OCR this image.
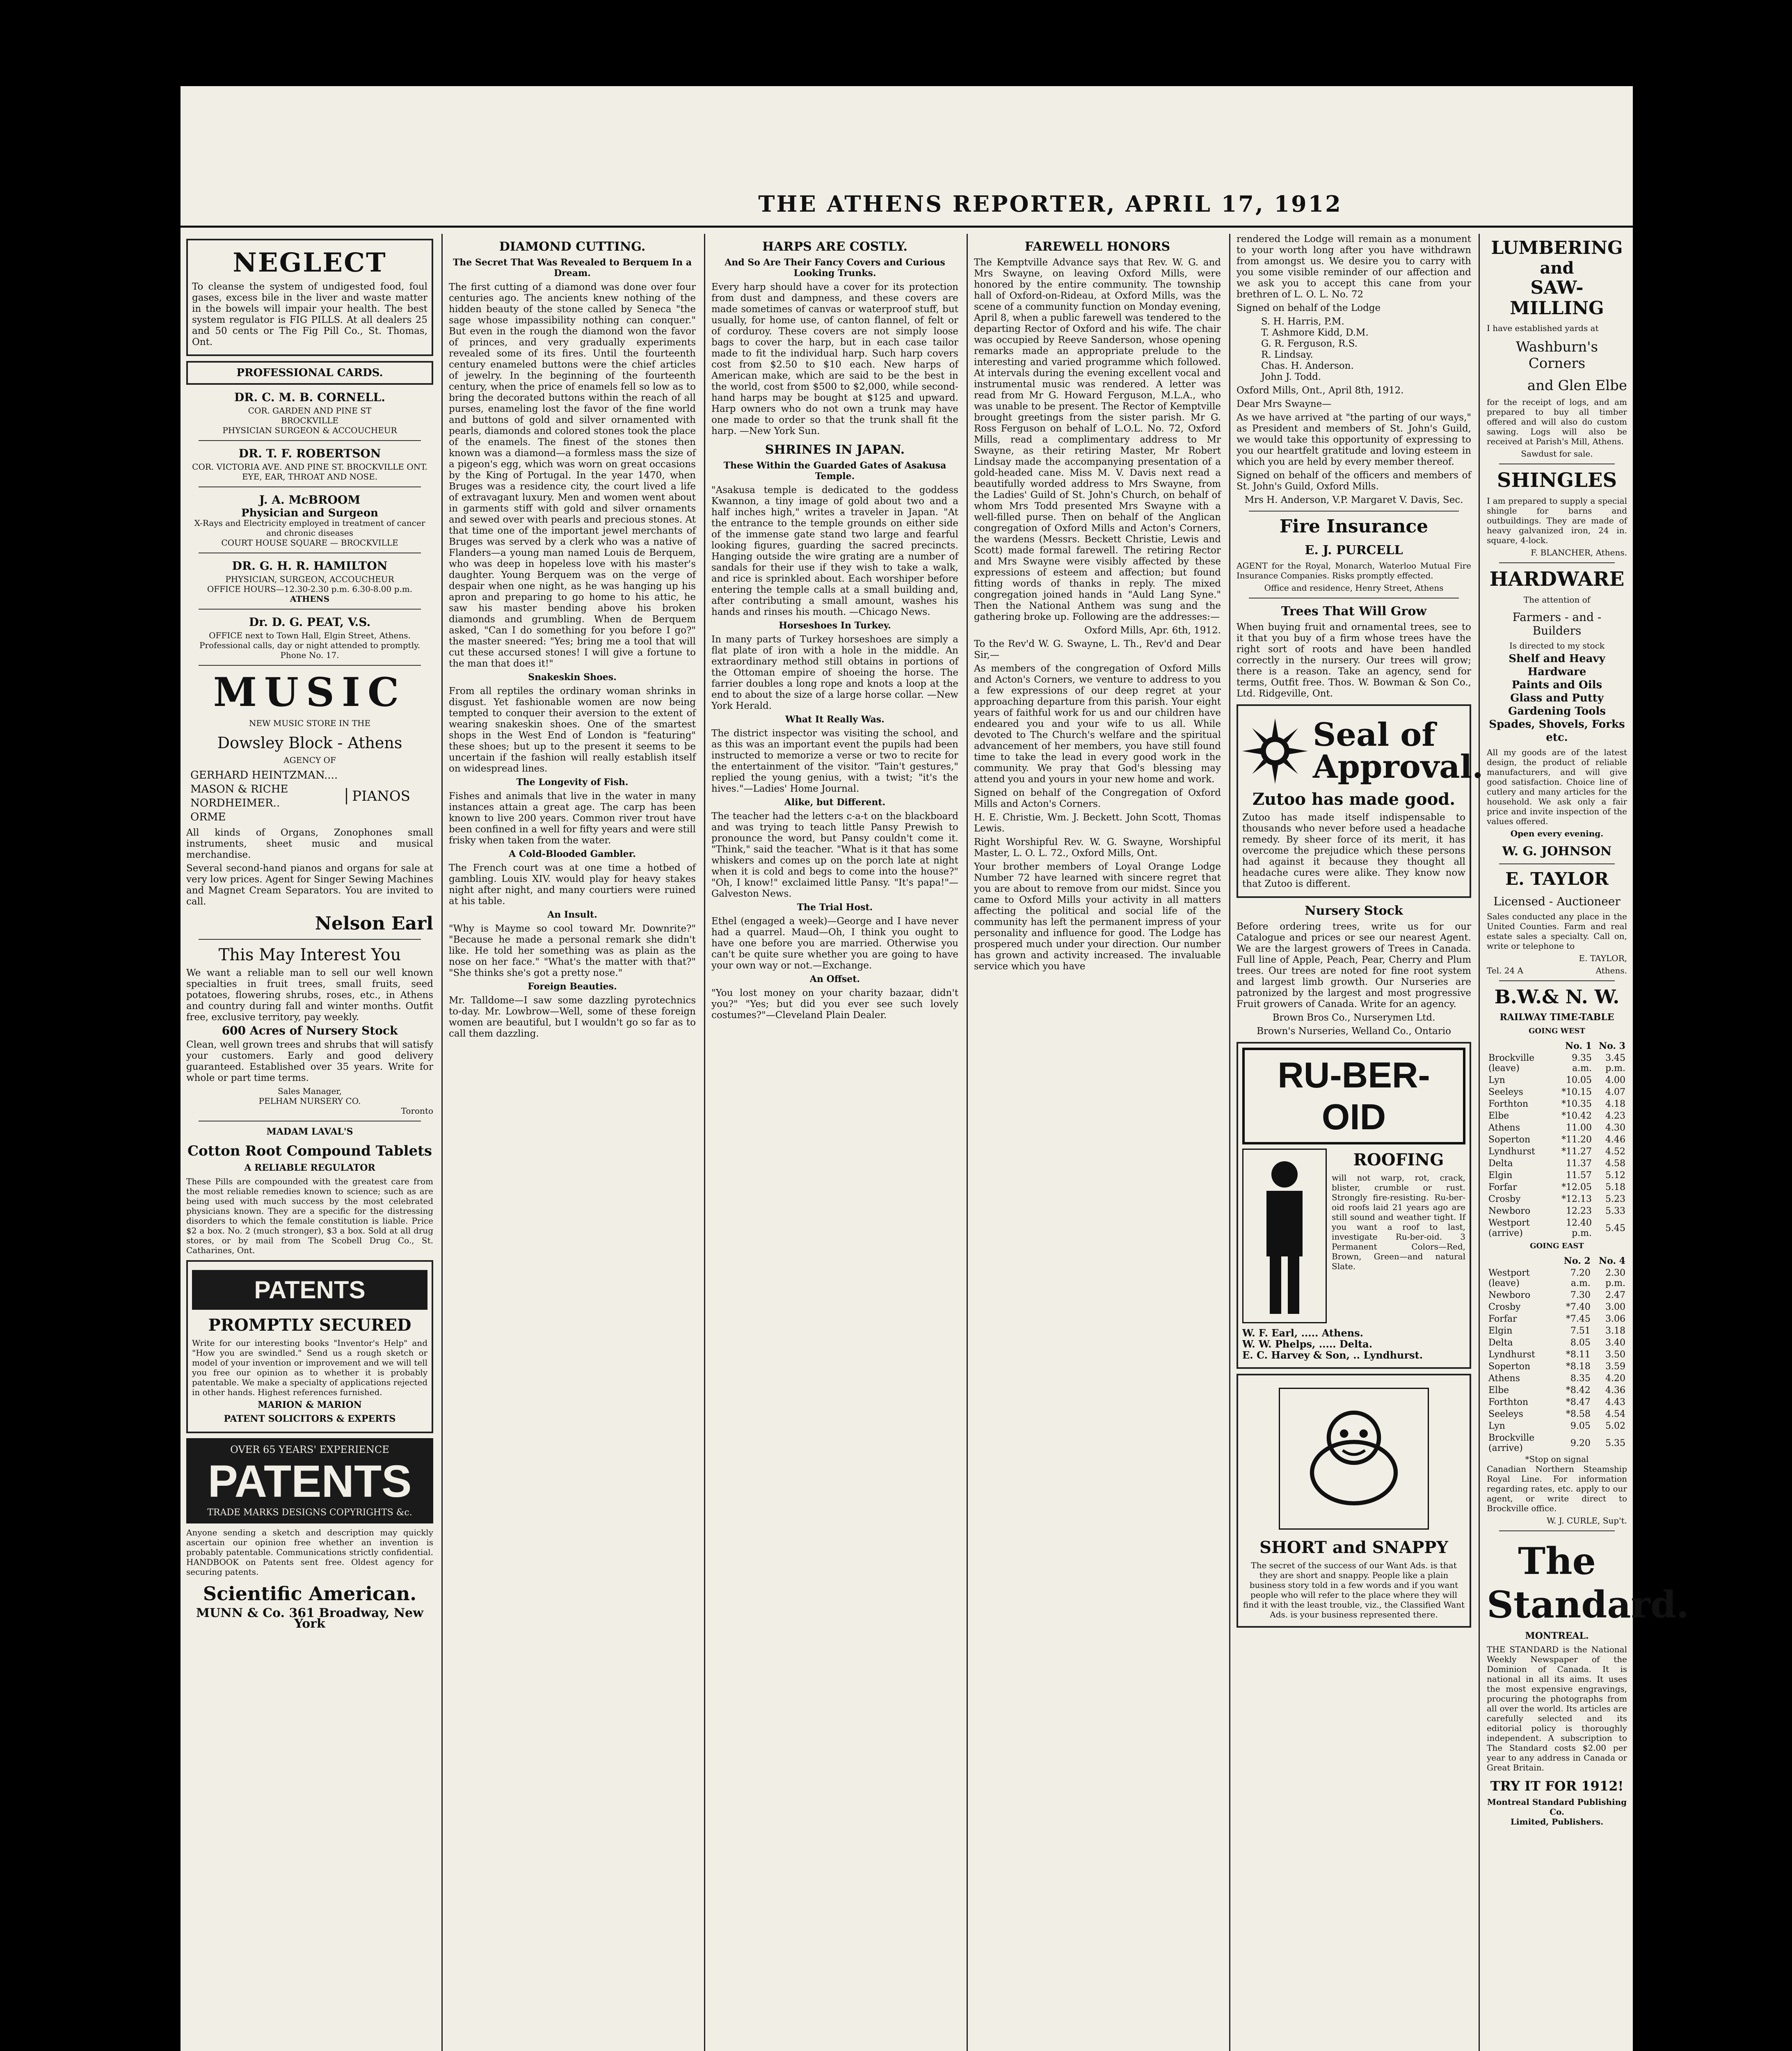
THE ATHENS REPORTER, APRIL 17, 1912
NEGLECT

To cleanse the system of undigested food, foul gases, excess bile in the liver and waste matter in the bowels will impair your health. The best system regulator is FIG PILLS. At all dealers 25 and 50 cents or The Fig Pill Co., St. Thomas, Ont.

PROFESSIONAL CARDS.
DR. C. M. B. CORNELL.
COR. GARDEN AND PINE ST
BROCKVILLE
PHYSICIAN SURGEON & ACCOUCHEUR
DR. T. F. ROBERTSON
COR. VICTORIA AVE. AND PINE ST. BROCKVILLE ONT.
EYE, EAR, THROAT AND NOSE.
J. A. McBROOM
Physician and Surgeon
X-Rays and Electricity employed in treatment of cancer and chronic diseases
COURT HOUSE SQUARE — BROCKVILLE
DR. G. H. R. HAMILTON
PHYSICIAN, SURGEON, ACCOUCHEUR
OFFICE HOURS—12.30-2.30 p.m. 6.30-8.00 p.m.
ATHENS
Dr. D. G. PEAT, V.S.
OFFICE next to Town Hall, Elgin Street, Athens.
Professional calls, day or night attended to promptly. Phone No. 17.
MUSIC
NEW MUSIC STORE IN THE
Dowsley Block - Athens
AGENCY OF
GERHARD HEINTZMAN....
MASON & RICHE
NORDHEIMER..
ORME
PIANOS

All kinds of Organs, Zonophones small instruments, sheet music and musical merchandise.

Several second-hand pianos and organs for sale at very low prices. Agent for Singer Sewing Machines and Magnet Cream Separators. You are invited to call.

Nelson Earl
This May Interest You

We want a reliable man to sell our well known specialties in fruit trees, small fruits, seed potatoes, flowering shrubs, roses, etc., in Athens and country during fall and winter months. Outfit free, exclusive territory, pay weekly.

600 Acres of Nursery Stock

Clean, well grown trees and shrubs that will satisfy your customers. Early and good delivery guaranteed. Established over 35 years. Write for whole or part time terms.

Sales Manager,
PELHAM NURSERY CO.
Toronto
MADAM LAVAL'S
Cotton Root Compound Tablets
A RELIABLE REGULATOR

These Pills are compounded with the greatest care from the most reliable remedies known to science; such as are being used with much success by the most celebrated physicians known. They are a specific for the distressing disorders to which the female constitution is liable. Price $2 a box. No. 2 (much stronger), $3 a box. Sold at all drug stores, or by mail from The Scobell Drug Co., St. Catharines, Ont.

PATENTS
PROMPTLY SECURED

Write for our interesting books "Inventor's Help" and "How you are swindled." Send us a rough sketch or model of your invention or improvement and we will tell you free our opinion as to whether it is probably patentable. We make a specialty of applications rejected in other hands. Highest references furnished.

MARION & MARION
PATENT SOLICITORS & EXPERTS
OVER 65 YEARS' EXPERIENCE
PATENTS
TRADE MARKS DESIGNS COPYRIGHTS &c.

Anyone sending a sketch and description may quickly ascertain our opinion free whether an invention is probably patentable. Communications strictly confidential. HANDBOOK on Patents sent free. Oldest agency for securing patents.

Scientific American.
MUNN & Co. 361 Broadway, New York
DIAMOND CUTTING.
The Secret That Was Revealed to Berquem In a Dream.

The first cutting of a diamond was done over four centuries ago. The ancients knew nothing of the hidden beauty of the stone called by Seneca "the sage whose impassibility nothing can conquer." But even in the rough the diamond won the favor of princes, and very gradually experiments revealed some of its fires. Until the fourteenth century enameled buttons were the chief articles of jewelry. In the beginning of the fourteenth century, when the price of enamels fell so low as to bring the decorated buttons within the reach of all purses, enameling lost the favor of the fine world and buttons of gold and silver ornamented with pearls, diamonds and colored stones took the place of the enamels. The finest of the stones then known was a diamond—a formless mass the size of a pigeon's egg, which was worn on great occasions by the King of Portugal. In the year 1470, when Bruges was a residence city, the court lived a life of extravagant luxury. Men and women went about in garments stiff with gold and silver ornaments and sewed over with pearls and precious stones. At that time one of the important jewel merchants of Bruges was served by a clerk who was a native of Flanders—a young man named Louis de Berquem, who was deep in hopeless love with his master's daughter. Young Berquem was on the verge of despair when one night, as he was hanging up his apron and preparing to go home to his attic, he saw his master bending above his broken diamonds and grumbling. When de Berquem asked, "Can I do something for you before I go?" the master sneered: "Yes; bring me a tool that will cut these accursed stones! I will give a fortune to the man that does it!"

Snakeskin Shoes.

From all reptiles the ordinary woman shrinks in disgust. Yet fashionable women are now being tempted to conquer their aversion to the extent of wearing snakeskin shoes. One of the smartest shops in the West End of London is "featuring" these shoes; but up to the present it seems to be uncertain if the fashion will really establish itself on widespread lines.

The Longevity of Fish.

Fishes and animals that live in the water in many instances attain a great age. The carp has been known to live 200 years. Common river trout have been confined in a well for fifty years and were still frisky when taken from the water.

A Cold-Blooded Gambler.

The French court was at one time a hotbed of gambling. Louis XIV. would play for heavy stakes night after night, and many courtiers were ruined at his table.

An Insult.

"Why is Mayme so cool toward Mr. Downrite?" "Because he made a personal remark she didn't like. He told her something was as plain as the nose on her face." "What's the matter with that?" "She thinks she's got a pretty nose."

Foreign Beauties.

Mr. Talldome—I saw some dazzling pyrotechnics to-day. Mr. Lowbrow—Well, some of these foreign women are beautiful, but I wouldn't go so far as to call them dazzling.

HARPS ARE COSTLY.
And So Are Their Fancy Covers and Curious Looking Trunks.

Every harp should have a cover for its protection from dust and dampness, and these covers are made sometimes of canvas or waterproof stuff, but usually, for home use, of canton flannel, of felt or of corduroy. These covers are not simply loose bags to cover the harp, but in each case tailor made to fit the individual harp. Such harp covers cost from $2.50 to $10 each. New harps of American make, which are said to be the best in the world, cost from $500 to $2,000, while second-hand harps may be bought at $125 and upward. Harp owners who do not own a trunk may have one made to order so that the trunk shall fit the harp. —New York Sun.

SHRINES IN JAPAN.
These Within the Guarded Gates of Asakusa Temple.

"Asakusa temple is dedicated to the goddess Kwannon, a tiny image of gold about two and a half inches high," writes a traveler in Japan. "At the entrance to the temple grounds on either side of the immense gate stand two large and fearful looking figures, guarding the sacred precincts. Hanging outside the wire grating are a number of sandals for their use if they wish to take a walk, and rice is sprinkled about. Each worshiper before entering the temple calls at a small building and, after contributing a small amount, washes his hands and rinses his mouth. —Chicago News.

Horseshoes In Turkey.

In many parts of Turkey horseshoes are simply a flat plate of iron with a hole in the middle. An extraordinary method still obtains in portions of the Ottoman empire of shoeing the horse. The farrier doubles a long rope and knots a loop at the end to about the size of a large horse collar. —New York Herald.

What It Really Was.

The district inspector was visiting the school, and as this was an important event the pupils had been instructed to memorize a verse or two to recite for the entertainment of the visitor. "Tain't gestures," replied the young genius, with a twist; "it's the hives."—Ladies' Home Journal.

Alike, but Different.

The teacher had the letters c-a-t on the blackboard and was trying to teach little Pansy Prewish to pronounce the word, but Pansy couldn't come it. "Think," said the teacher. "What is it that has some whiskers and comes up on the porch late at night when it is cold and begs to come into the house?" "Oh, I know!" exclaimed little Pansy. "It's papa!"—Galveston News.

The Trial Host.

Ethel (engaged a week)—George and I have never had a quarrel. Maud—Oh, I think you ought to have one before you are married. Otherwise you can't be quite sure whether you are going to have your own way or not.—Exchange.

An Offset.

"You lost money on your charity bazaar, didn't you?" "Yes; but did you ever see such lovely costumes?"—Cleveland Plain Dealer.

FAREWELL HONORS

The Kemptville Advance says that Rev. W. G. and Mrs Swayne, on leaving Oxford Mills, were honored by the entire community. The township hall of Oxford-on-Rideau, at Oxford Mills, was the scene of a community function on Monday evening, April 8, when a public farewell was tendered to the departing Rector of Oxford and his wife. The chair was occupied by Reeve Sanderson, whose opening remarks made an appropriate prelude to the interesting and varied programme which followed. At intervals during the evening excellent vocal and instrumental music was rendered. A letter was read from Mr G. Howard Ferguson, M.L.A., who was unable to be present. The Rector of Kemptville brought greetings from the sister parish. Mr G. Ross Ferguson on behalf of L.O.L. No. 72, Oxford Mills, read a complimentary address to Mr Swayne, as their retiring Master, Mr Robert Lindsay made the accompanying presentation of a gold-headed cane. Miss M. V. Davis next read a beautifully worded address to Mrs Swayne, from the Ladies' Guild of St. John's Church, on behalf of whom Mrs Todd presented Mrs Swayne with a well-filled purse. Then on behalf of the Anglican congregation of Oxford Mills and Acton's Corners, the wardens (Messrs. Beckett Christie, Lewis and Scott) made formal farewell. The retiring Rector and Mrs Swayne were visibly affected by these expressions of esteem and affection; but found fitting words of thanks in reply. The mixed congregation joined hands in "Auld Lang Syne." Then the National Anthem was sung and the gathering broke up. Following are the addresses:—

Oxford Mills, Apr. 6th, 1912.

To the Rev'd W. G. Swayne, L. Th., Rev'd and Dear Sir,—

As members of the congregation of Oxford Mills and Acton's Corners, we venture to address to you a few expressions of our deep regret at your approaching departure from this parish. Your eight years of faithful work for us and our children have endeared you and your wife to us all. While devoted to The Church's welfare and the spiritual advancement of her members, you have still found time to take the lead in every good work in the community. We pray that God's blessing may attend you and yours in your new home and work.

Signed on behalf of the Congregation of Oxford Mills and Acton's Corners.

H. E. Christie, Wm. J. Beckett. John Scott, Thomas Lewis.

Right Worshipful Rev. W. G. Swayne, Worshipful Master, L. O. L. 72., Oxford Mills, Ont.

Your brother members of Loyal Orange Lodge Number 72 have learned with sincere regret that you are about to remove from our midst. Since you came to Oxford Mills your activity in all matters affecting the political and social life of the community has left the permanent impress of your personality and influence for good. The Lodge has prospered much under your direction. Our number has grown and activity increased. The invaluable service which you have

rendered the Lodge will remain as a monument to your worth long after you have withdrawn from amongst us. We desire you to carry with you some visible reminder of our affection and we ask you to accept this cane from your brethren of L. O. L. No. 72

Signed on behalf of the Lodge

S. H. Harris, P.M.
T. Ashmore Kidd, D.M.
G. R. Ferguson, R.S.
R. Lindsay.
Chas. H. Anderson.
John J. Todd.

Oxford Mills, Ont., April 8th, 1912.

Dear Mrs Swayne—

As we have arrived at "the parting of our ways," as President and members of St. John's Guild, we would take this opportunity of expressing to you our heartfelt gratitude and loving esteem in which you are held by every member thereof.

Signed on behalf of the officers and members of St. John's Guild, Oxford Mills.

Mrs H. Anderson, V.P. Margaret V. Davis, Sec.

Fire Insurance
E. J. PURCELL

AGENT for the Royal, Monarch, Waterloo Mutual Fire Insurance Companies. Risks promptly effected.

Office and residence, Henry Street, Athens

Trees That Will Grow

When buying fruit and ornamental trees, see to it that you buy of a firm whose trees have the right sort of roots and have been handled correctly in the nursery. Our trees will grow; there is a reason. Take an agency, send for terms, Outfit free. Thos. W. Bowman & Son Co., Ltd. Ridgeville, Ont.

Seal of
Approval.
Zutoo has made good.

Zutoo has made itself indispensable to thousands who never before used a headache remedy. By sheer force of its merit, it has overcome the prejudice which these persons had against it because they thought all headache cures were alike. They know now that Zutoo is different.

Nursery Stock

Before ordering trees, write us for our Catalogue and prices or see our nearest Agent. We are the largest growers of Trees in Canada. Full line of Apple, Peach, Pear, Cherry and Plum trees. Our trees are noted for fine root system and largest limb growth. Our Nurseries are patronized by the largest and most progressive Fruit growers of Canada. Write for an agency.

Brown Bros Co., Nurserymen Ltd.

Brown's Nurseries, Welland Co., Ontario

RU-BER-OID
ROOFING

will not warp, rot, crack, blister, crumble or rust. Strongly fire-resisting. Ru-ber-oid roofs laid 21 years ago are still sound and weather tight. If you want a roof to last, investigate Ru-ber-oid. 3 Permanent Colors—Red, Brown, Green—and natural Slate.

W. F. Earl, ..... Athens.
W. W. Phelps, ..... Delta.
E. C. Harvey & Son, .. Lyndhurst.
SHORT and SNAPPY

The secret of the success of our Want Ads. is that they are short and snappy. People like a plain business story told in a few words and if you want people who will refer to the place where they will find it with the least trouble, viz., the Classified Want Ads. is your business represented there.

LUMBERING
and
SAW-MILLING

I have established yards at

Washburn's Corners
and Glen Elbe

for the receipt of logs, and am prepared to buy all timber offered and will also do custom sawing. Logs will also be received at Parish's Mill, Athens.

Sawdust for sale.

SHINGLES

I am prepared to supply a special shingle for barns and outbuildings. They are made of heavy galvanized iron, 24 in. square, 4-lock.

F. BLANCHER, Athens.

HARDWARE
The attention of
Farmers - and - Builders
Is directed to my stock
Shelf and Heavy Hardware
Paints and Oils
Glass and Putty
Gardening Tools
Spades, Shovels, Forks etc.

All my goods are of the latest design, the product of reliable manufacturers, and will give good satisfaction. Choice line of cutlery and many articles for the household. We ask only a fair price and invite inspection of the values offered.

Open every evening.

W. G. JOHNSON
E. TAYLOR
Licensed - Auctioneer

Sales conducted any place in the United Counties. Farm and real estate sales a specialty. Call on, write or telephone to

E. TAYLOR,

Tel. 24 A	Athens.
B.W.& N. W.
RAILWAY TIME-TABLE
GOING WEST
	No. 1	No. 3
Brockville (leave)	9.35 a.m.	3.45 p.m.
Lyn	10.05	4.00
Seeleys	*10.15	4.07
Forthton	*10.35	4.18
Elbe	*10.42	4.23
Athens	11.00	4.30
Soperton	*11.20	4.46
Lyndhurst	*11.27	4.52
Delta	11.37	4.58
Elgin	11.57	5.12
Forfar	*12.05	5.18
Crosby	*12.13	5.23
Newboro	12.23	5.33
Westport (arrive)	12.40 p.m.	5.45
GOING EAST
	No. 2	No. 4
Westport (leave)	7.20 a.m.	2.30 p.m.
Newboro	7.30	2.47
Crosby	*7.40	3.00
Forfar	*7.45	3.06
Elgin	7.51	3.18
Delta	8.05	3.40
Lyndhurst	*8.11	3.50
Soperton	*8.18	3.59
Athens	8.35	4.20
Elbe	*8.42	4.36
Forthton	*8.47	4.43
Seeleys	*8.58	4.54
Lyn	9.05	5.02
Brockville (arrive)	9.20	5.35
*Stop on signal

Canadian Northern Steamship Royal Line. For information regarding rates, etc. apply to our agent, or write direct to Brockville office.

W. J. CURLE, Sup't.

The Standard.
MONTREAL.

THE STANDARD is the National Weekly Newspaper of the Dominion of Canada. It is national in all its aims. It uses the most expensive engravings, procuring the photographs from all over the world. Its articles are carefully selected and its editorial policy is thoroughly independent. A subscription to The Standard costs $2.00 per year to any address in Canada or Great Britain.

TRY IT FOR 1912!
Montreal Standard Publishing Co.
Limited, Publishers.
